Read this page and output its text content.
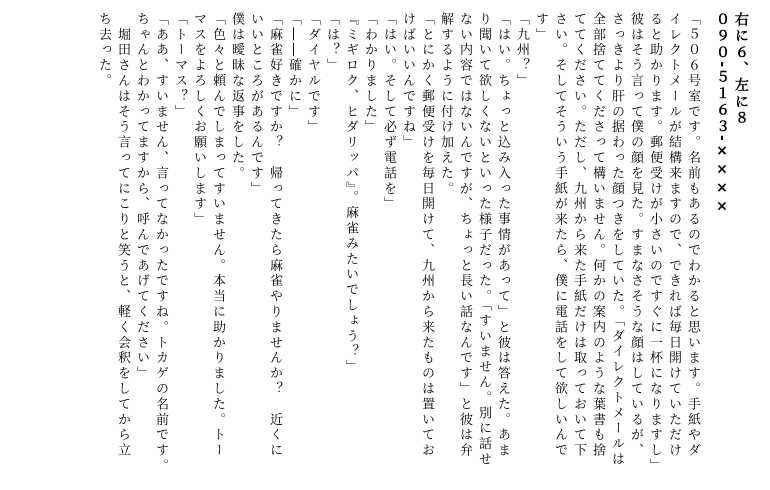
右に６、左に８
０９０‐５１６３‐××××
「５０６号室です。名前もあるのでわかると思います。手紙やダ
イレクトメールが結構来ますので、できれば毎日開けていただけ
ると助かります。郵便受けが小さいのですぐに一杯になりますし」
彼はそう言って僕の顔を見た。すまなさそうな顔はしているが、
さっきより肝の据わった顔つきをしていた。「ダイレクトメールは
全部捨ててくださって構いません。何かの案内のような葉書も捨
ててください。ただし、九州から来た手紙だけは取っておいて下
さい。そしてそういう手紙が来たら、僕に電話をして欲しいんで
す」
「九州？」
「はい。ちょっと込み入った事情があって」と彼は答えた。あま
り聞いて欲しくないといった様子だった。「すいません。別に話せ
ない内容ではないんですが、ちょっと長い話なんです」と彼は弁
解するように付け加えた。
「とにかく郵便受けを毎日開けて、九州から来たものは置いてお
けばいいんですね」
「はい。そして必ず電話を」
「わかりました」
『ミギロク、ヒダリッパ』。麻雀みたいでしょう？」
「は？」
「ダイヤルです」
「――確かに」
「麻雀好きですか？　帰ってきたら麻雀やりませんか？　近くに
いいところがあるんです」
僕は曖昧な返事をした。
「色々と頼んでしまってすいません。本当に助かりました。トー
マスをよろしくお願いします」
「トーマス？」
「ああ、すいません、言ってなかったですね。トカゲの名前です。
ちゃんとわかってますから、呼んであげてください」
　堀田さんはそう言ってにこりと笑うと、軽く会釈をしてから立
ち去った。
